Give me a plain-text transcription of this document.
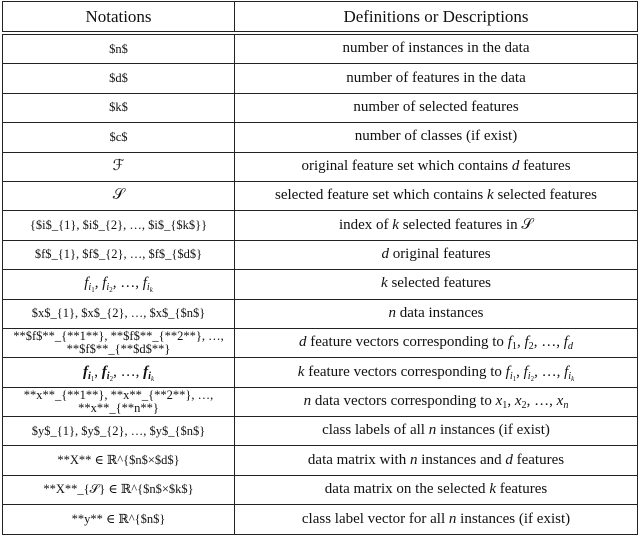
Notations	Definitions or Descriptions
$n$	number of instances in the data
$d$	number of features in the data
$k$	number of selected features
$c$	number of classes (if exist)
ℱ	original feature set which contains d features
𝒮	selected feature set which contains k selected features
{$i$_{1}, $i$_{2}, …, $i$_{$k$}}	index of k selected features in 𝒮
$f$_{1}, $f$_{2}, …, $f$_{$d$}	d original features
$f_{i_1}$, $f_{i_2}$, …, $f_{i_k}$	k selected features
$x$_{1}, $x$_{2}, …, $x$_{$n$}	n data instances
**$f$**_{**1**}, **$f$**_{**2**}, …, **$f$**_{**$d$**}	d feature vectors corresponding to $f_1$, $f_2$, …, $f_d$
$f_{i_1}$, $f_{i_2}$, …, $f_{i_k}$	k feature vectors corresponding to $f_{i_1}$, $f_{i_2}$, …, $f_{i_k}$
**x**_{**1**}, **x**_{**2**}, …, **x**_{**n**}	n data vectors corresponding to $x_1$, $x_2$, …, $x_n$
$y$_{1}, $y$_{2}, …, $y$_{$n$}	class labels of all n instances (if exist)
**X** ∈ ℝ^{$n$×$d$}	data matrix with n instances and d features
**X**_{𝒮} ∈ ℝ^{$n$×$k$}	data matrix on the selected k features
**y** ∈ ℝ^{$n$}	class label vector for all n instances (if exist)
